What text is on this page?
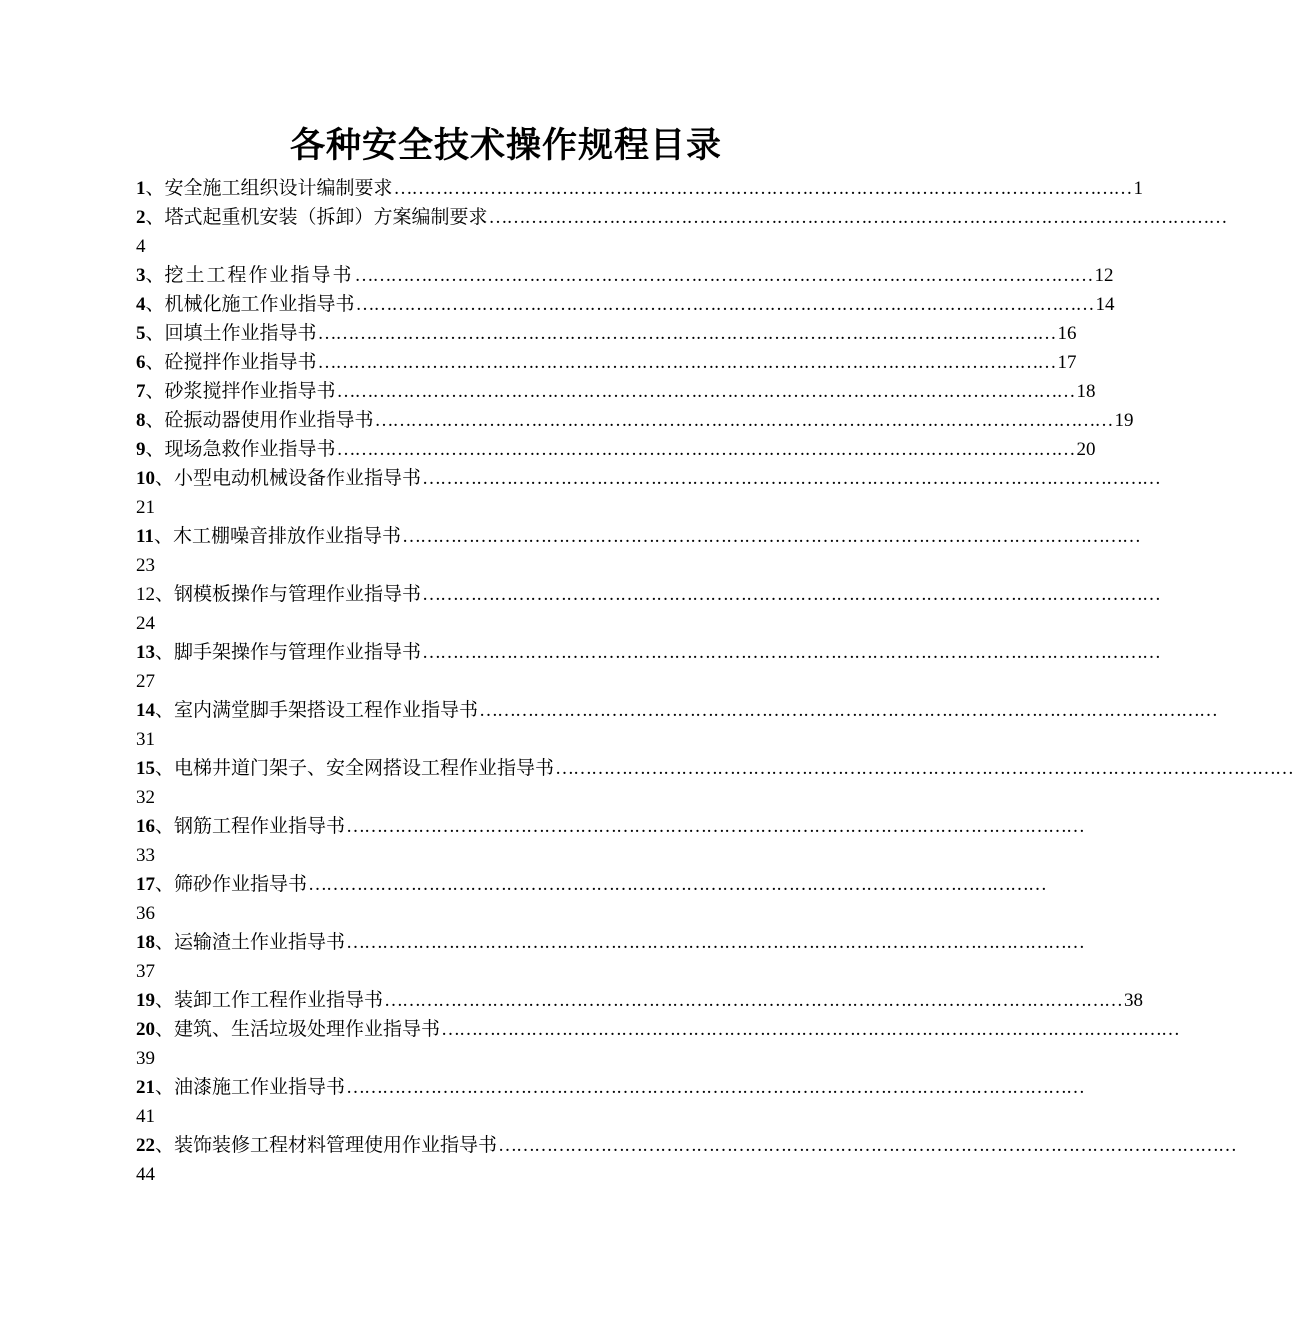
各种安全技术操作规程目录
1 、 安全施工组织设计编制要求 …………………………………………………………………………………………………………… 1
2 、 塔式起重机安装（拆卸）方案编制要求 ……………………………………………………………………………………………………………
4
3 、 挖土工程作业指导书 …………………………………………………………………………………………………………… 12
4 、 机械化施工作业指导书 …………………………………………………………………………………………………………… 14
5 、 回填土作业指导书 …………………………………………………………………………………………………………… 16
6 、 砼搅拌作业指导书 …………………………………………………………………………………………………………… 17
7 、 砂浆搅拌作业指导书 …………………………………………………………………………………………………………… 18
8 、 砼振动器使用作业指导书 …………………………………………………………………………………………………………… 19
9 、 现场急救作业指导书 …………………………………………………………………………………………………………… 20
10 、 小型电动机械设备作业指导书 ……………………………………………………………………………………………………………
21
11 、 木工棚噪音排放作业指导书 ……………………………………………………………………………………………………………
23
12 、 钢模板操作与管理作业指导书 ……………………………………………………………………………………………………………
24
13 、 脚手架操作与管理作业指导书 ……………………………………………………………………………………………………………
27
14 、 室内满堂脚手架搭设工程作业指导书 ……………………………………………………………………………………………………………
31
15 、 电梯井道门架子、安全网搭设工程作业指导书 ……………………………………………………………………………………………………………
32
16 、 钢筋工程作业指导书 ……………………………………………………………………………………………………………
33
17 、 筛砂作业指导书 ……………………………………………………………………………………………………………
36
18 、 运输渣土作业指导书 ……………………………………………………………………………………………………………
37
19 、 装卸工作工程作业指导书 …………………………………………………………………………………………………………… 38
20 、 建筑、生活垃圾处理作业指导书 ……………………………………………………………………………………………………………
39
21 、 油漆施工作业指导书 ……………………………………………………………………………………………………………
41
22 、 装饰装修工程材料管理使用作业指导书 ……………………………………………………………………………………………………………
44
